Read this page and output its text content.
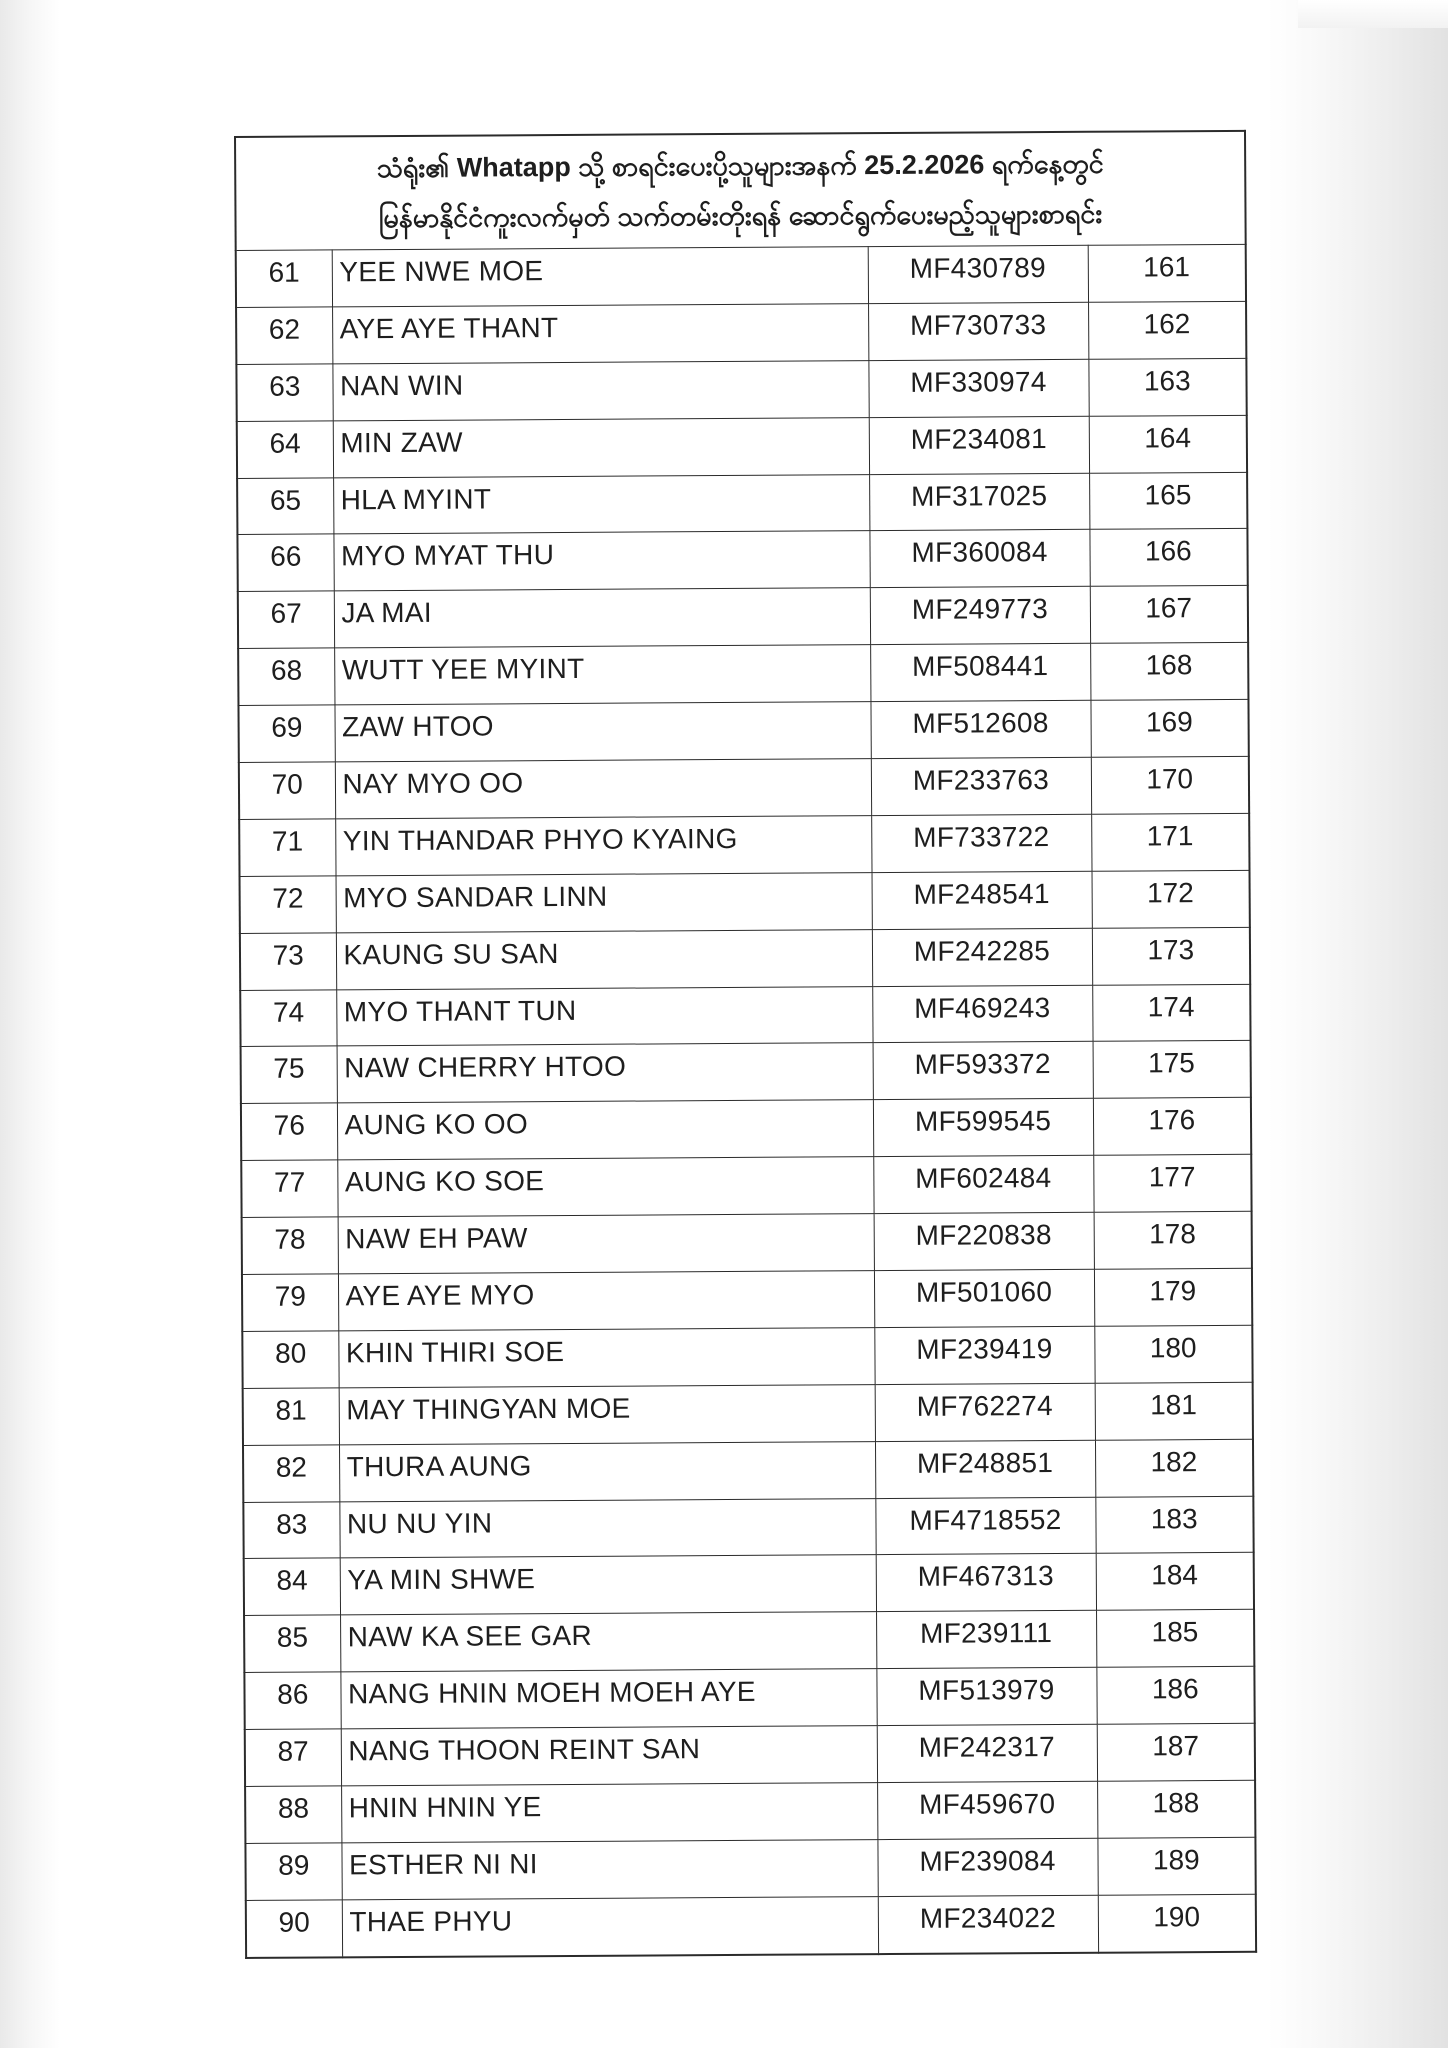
သံရုံး၏ Whatapp သို့ စာရင်းပေးပို့သူများအနက် 25.2.2026 ရက်နေ့တွင်
မြန်မာနိုင်ငံကူးလက်မှတ် သက်တမ်းတိုးရန် ဆောင်ရွက်ပေးမည့်သူများစာရင်း			

61	YEE NWE MOE	MF430789	161
62	AYE AYE THANT	MF730733	162
63	NAN WIN	MF330974	163
64	MIN ZAW	MF234081	164
65	HLA MYINT	MF317025	165
66	MYO MYAT THU	MF360084	166
67	JA MAI	MF249773	167
68	WUTT YEE MYINT	MF508441	168
69	ZAW HTOO	MF512608	169
70	NAY MYO OO	MF233763	170
71	YIN THANDAR PHYO KYAING	MF733722	171
72	MYO SANDAR LINN	MF248541	172
73	KAUNG SU SAN	MF242285	173
74	MYO THANT TUN	MF469243	174
75	NAW CHERRY HTOO	MF593372	175
76	AUNG KO OO	MF599545	176
77	AUNG KO SOE	MF602484	177
78	NAW EH PAW	MF220838	178
79	AYE AYE MYO	MF501060	179
80	KHIN THIRI SOE	MF239419	180
81	MAY THINGYAN MOE	MF762274	181
82	THURA AUNG	MF248851	182
83	NU NU YIN	MF4718552	183
84	YA MIN SHWE	MF467313	184
85	NAW KA SEE GAR	MF239111	185
86	NANG HNIN MOEH MOEH AYE	MF513979	186
87	NANG THOON REINT SAN	MF242317	187
88	HNIN HNIN YE	MF459670	188
89	ESTHER NI NI	MF239084	189
90	THAE PHYU	MF234022	190
